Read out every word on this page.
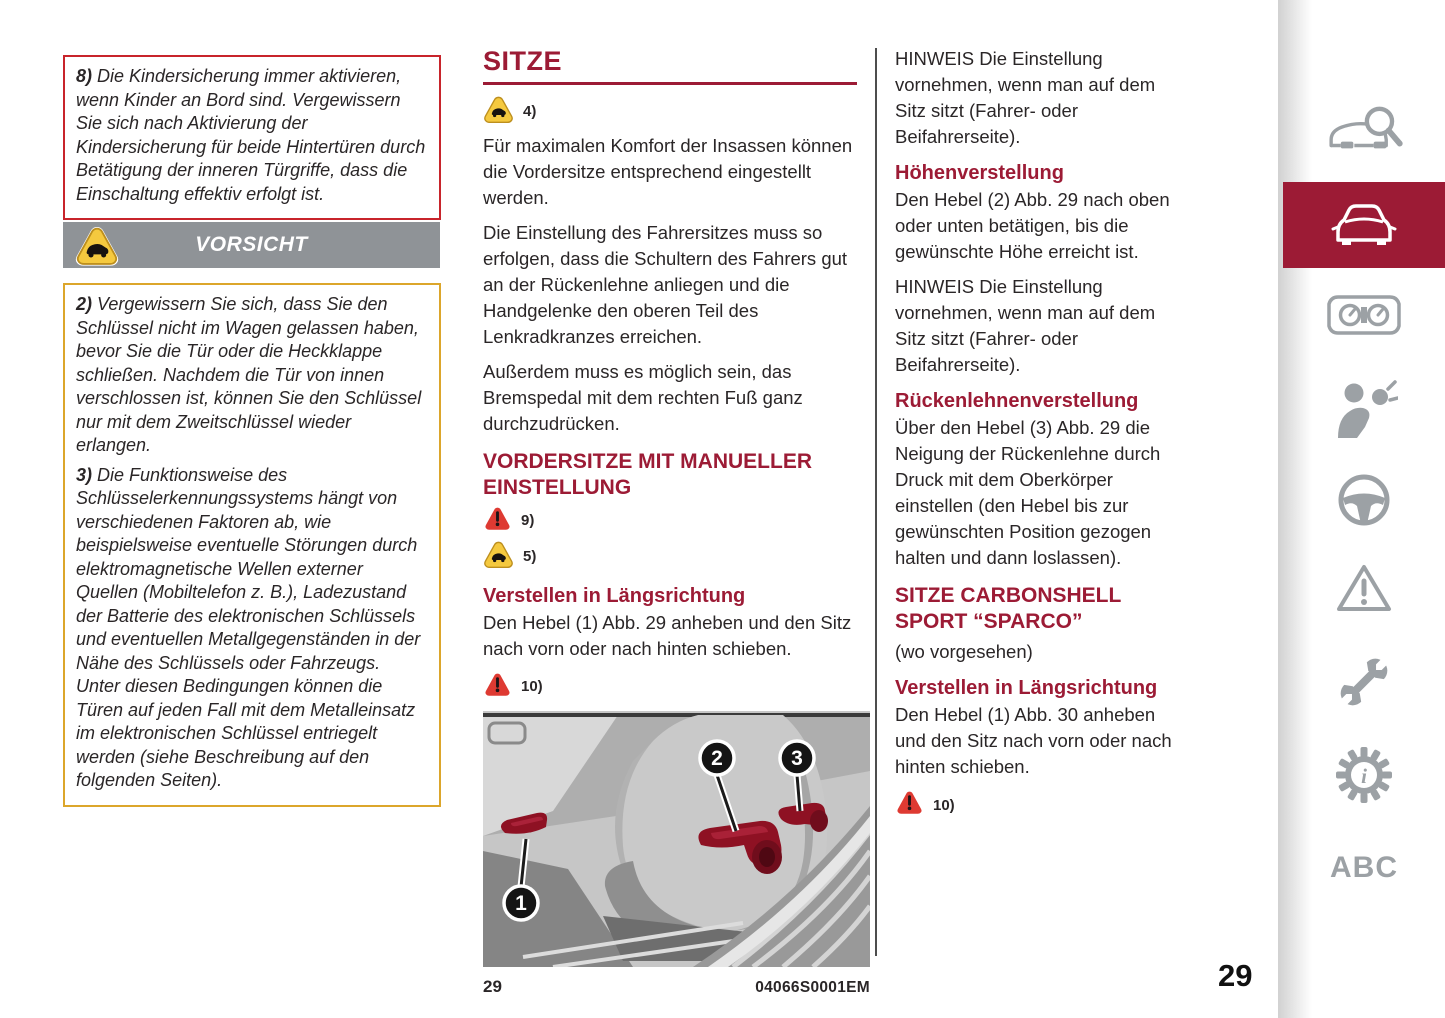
8) Die Kindersicherung immer aktivieren, wenn Kinder an Bord sind. Vergewissern Sie sich nach Aktivierung der Kindersicherung für beide Hintertüren durch Betätigung der inneren Türgriffe, dass die Einschaltung effektiv erfolgt ist.

VORSICHT

2) Vergewissern Sie sich, dass Sie den Schlüssel nicht im Wagen gelassen haben, bevor Sie die Tür oder die Heckklappe schließen. Nachdem die Tür von innen verschlossen ist, können Sie den Schlüssel nur mit dem Zweitschlüssel wieder erlangen.

3) Die Funktionsweise des Schlüsselerkennungssystems hängt von verschiedenen Faktoren ab, wie beispielsweise eventuelle Störungen durch elektromagnetische Wellen externer Quellen (Mobiltelefon z. B.), Ladezustand der Batterie des elektronischen Schlüssels und eventuellen Metallgegenständen in der Nähe des Schlüssels oder Fahrzeugs. Unter diesen Bedingungen können die Türen auf jeden Fall mit dem Metalleinsatz im elektronischen Schlüssel entriegelt werden (siehe Beschreibung auf den folgenden Seiten).

SITZE
4)

Für maximalen Komfort der Insassen können die Vordersitze entsprechend eingestellt werden.

Die Einstellung des Fahrersitzes muss so erfolgen, dass die Schultern des Fahrers gut an der Rückenlehne anliegen und die Handgelenke den oberen Teil des Lenkradkranzes erreichen.

Außerdem muss es möglich sein, das Bremspedal mit dem rechten Fuß ganz durchzudrücken.

VORDERSITZE MIT MANUELLER EINSTELLUNG
9)
5)
Verstellen in Längsrichtung

Den Hebel (1) Abb. 29 anheben und den Sitz nach vorn oder nach hinten schieben.

10)
1
2	3
29	04066S0001EM

HINWEIS Die Einstellung vornehmen, wenn man auf dem Sitz sitzt (Fahrer- oder Beifahrerseite).

Höhenverstellung

Den Hebel (2) Abb. 29 nach oben oder unten betätigen, bis die gewünschte Höhe erreicht ist.

HINWEIS Die Einstellung vornehmen, wenn man auf dem Sitz sitzt (Fahrer- oder Beifahrerseite).

Rückenlehnenverstellung

Über den Hebel (3) Abb. 29 die Neigung der Rückenlehne durch Druck mit dem Oberkörper einstellen (den Hebel bis zur gewünschten Position gezogen halten und dann loslassen).

SITZE CARBONSHELL SPORT “SPARCO”

(wo vorgesehen)

Verstellen in Längsrichtung

Den Hebel (1) Abb. 30 anheben und den Sitz nach vorn oder nach hinten schieben.

10)
i
ABC
29
